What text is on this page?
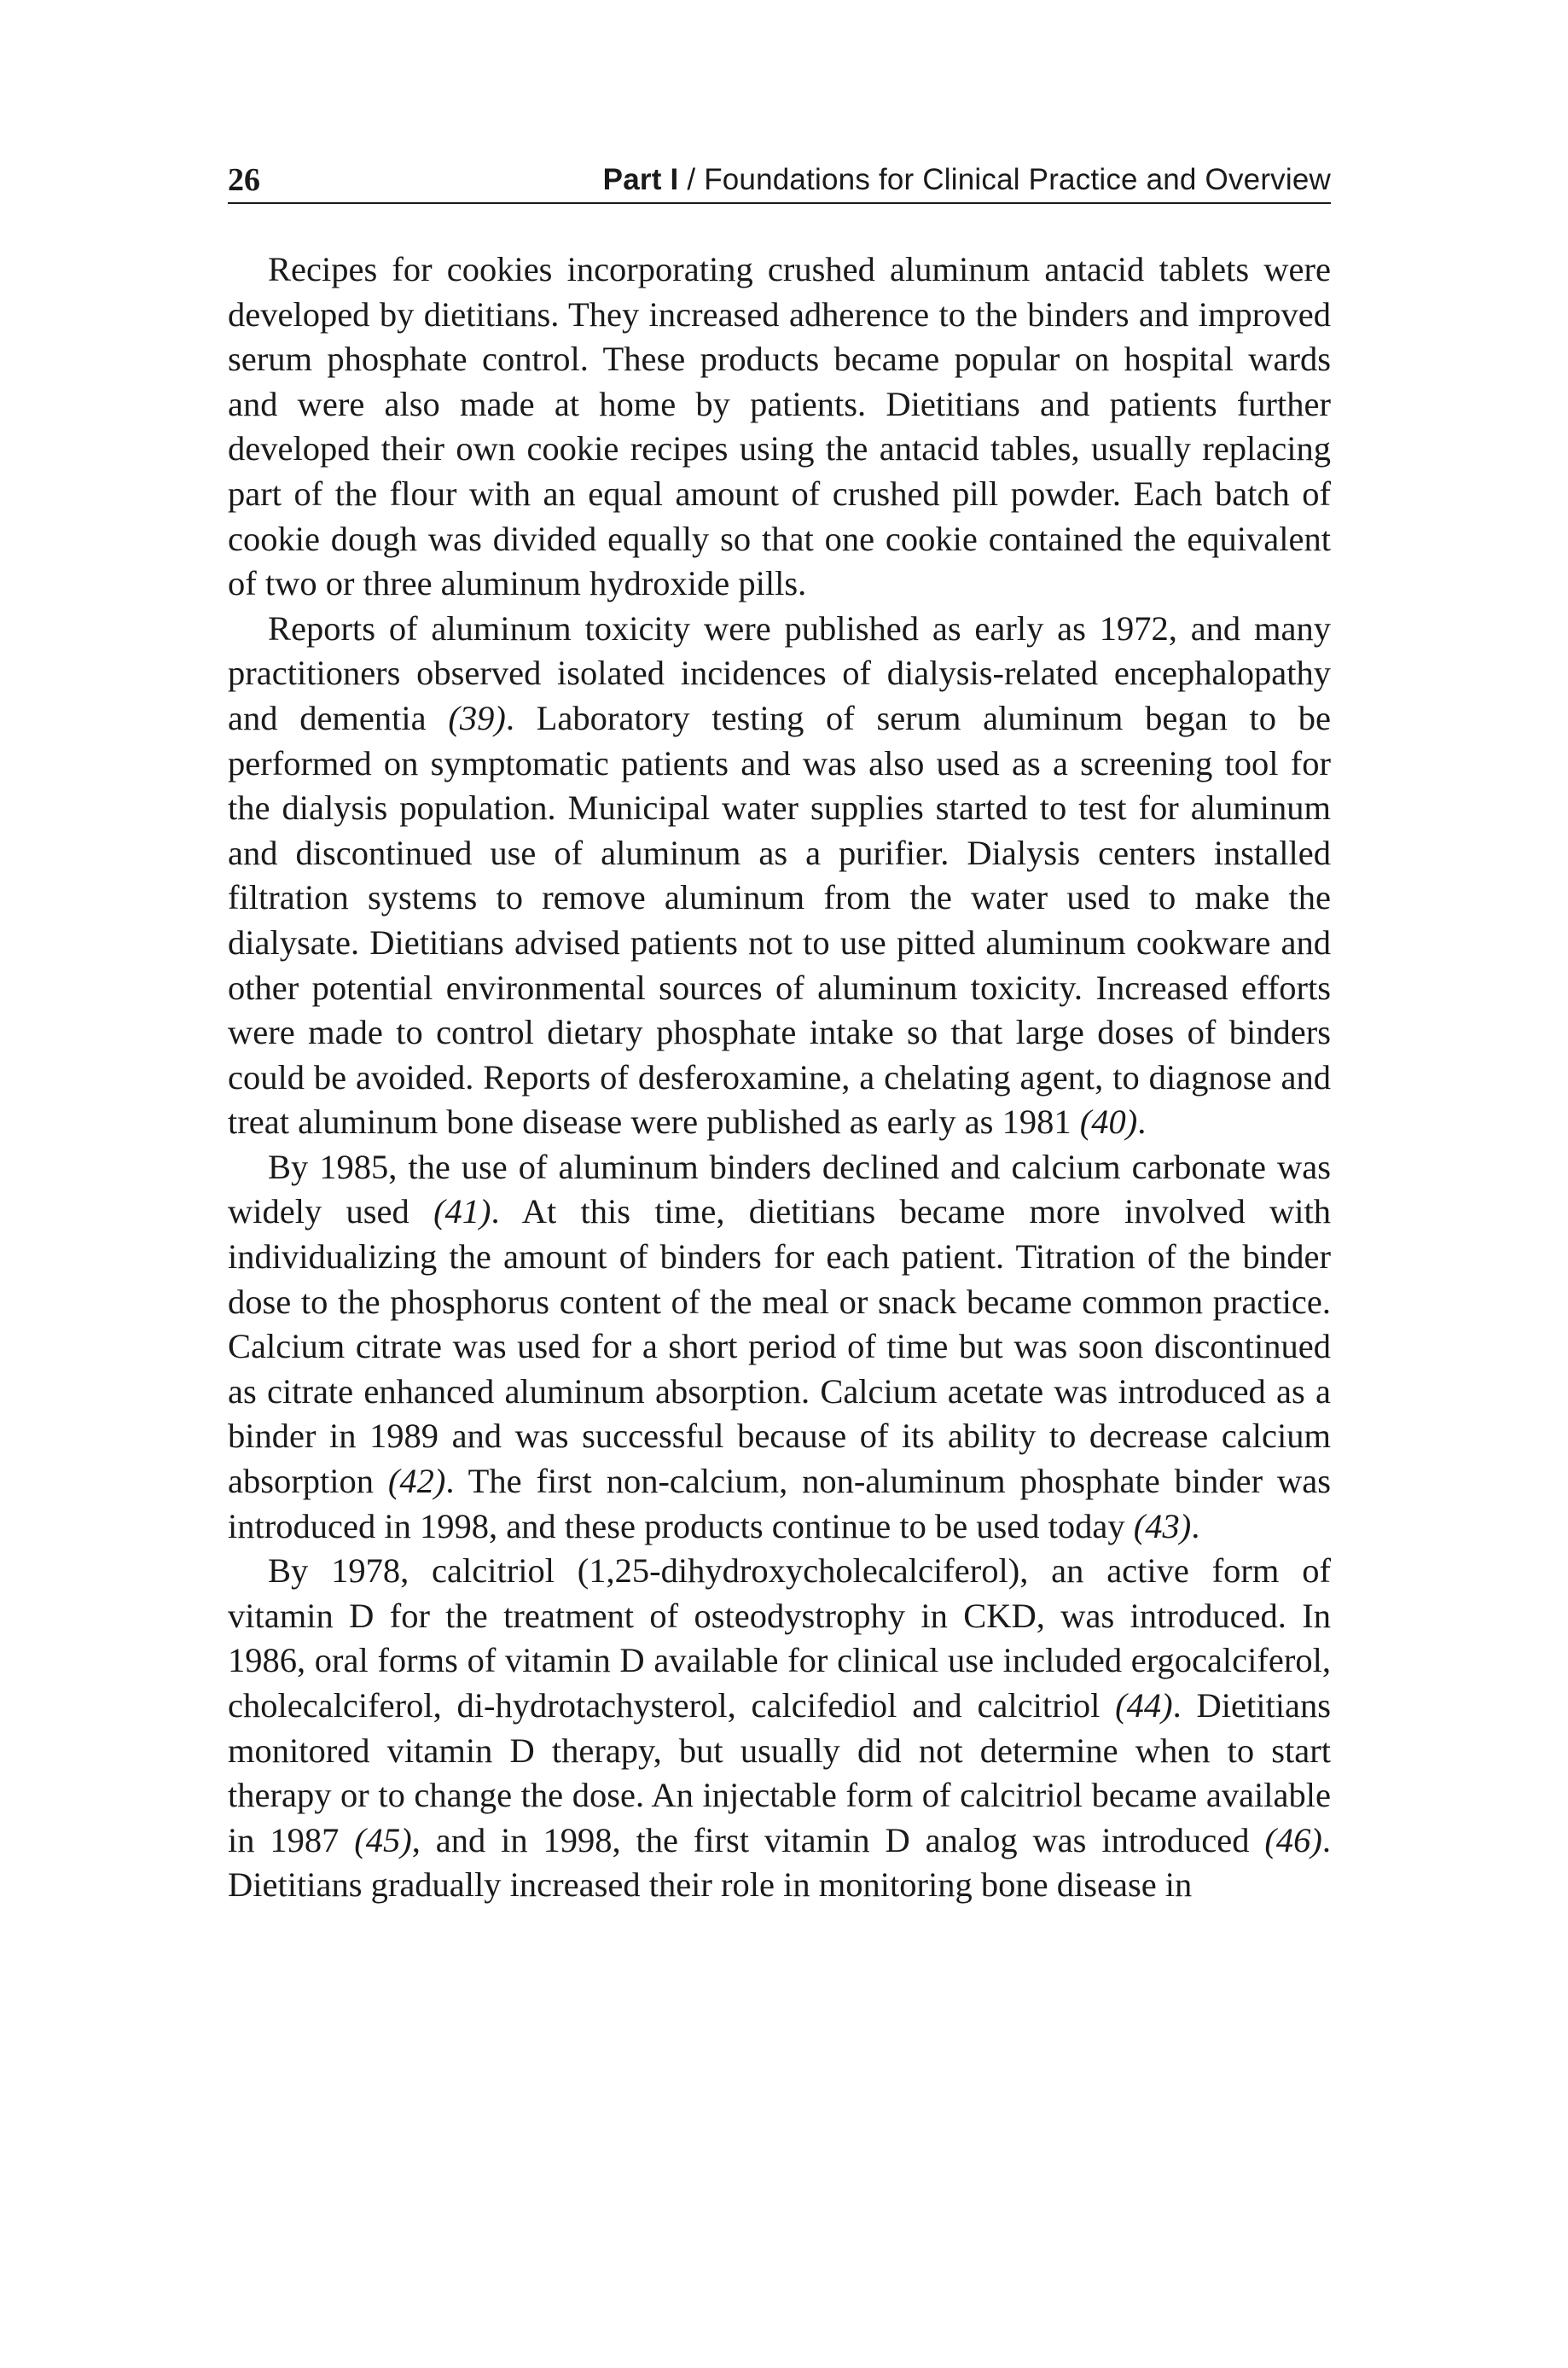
26	Part I / Foundations for Clinical Practice and Overview

Recipes for cookies incorporating crushed aluminum antacid tablets were developed by dietitians. They increased adherence to the binders and improved serum phosphate control. These products became popular on hospital wards and were also made at home by patients. Dietitians and patients further developed their own cookie recipes using the antacid tables, usually replacing part of the flour with an equal amount of crushed pill powder. Each batch of cookie dough was divided equally so that one cookie contained the equivalent of two or three aluminum hydroxide pills.

Reports of aluminum toxicity were published as early as 1972, and many practitioners observed isolated incidences of dialysis-related encephalopathy and dementia (39). Laboratory testing of serum aluminum began to be performed on symptomatic patients and was also used as a screening tool for the dialysis population. Municipal water supplies started to test for aluminum and discontinued use of aluminum as a purifier. Dialysis centers installed filtration systems to remove aluminum from the water used to make the dialysate. Dietitians advised patients not to use pitted aluminum cookware and other potential environmental sources of aluminum toxicity. Increased efforts were made to control dietary phosphate intake so that large doses of binders could be avoided. Reports of desferoxamine, a chelating agent, to diagnose and treat aluminum bone disease were published as early as 1981 (40).

By 1985, the use of aluminum binders declined and calcium carbonate was widely used (41). At this time, dietitians became more involved with individualizing the amount of binders for each patient. Titration of the binder dose to the phosphorus content of the meal or snack became common practice. Calcium citrate was used for a short period of time but was soon discontinued as citrate enhanced aluminum absorption. Calcium acetate was introduced as a binder in 1989 and was successful because of its ability to decrease calcium absorption (42). The first non-calcium, non-aluminum phosphate binder was introduced in 1998, and these products continue to be used today (43).

By 1978, calcitriol (1,25-dihydroxycholecalciferol), an active form of vitamin D for the treatment of osteodystrophy in CKD, was introduced. In 1986, oral forms of vitamin D available for clinical use included ergocalciferol, cholecalciferol, di-hydrotachysterol, calcifediol and calcitriol (44). Dietitians monitored vitamin D therapy, but usually did not determine when to start therapy or to change the dose. An injectable form of calcitriol became available in 1987 (45), and in 1998, the first vitamin D analog was introduced (46). Dietitians gradually increased their role in monitoring bone disease in
